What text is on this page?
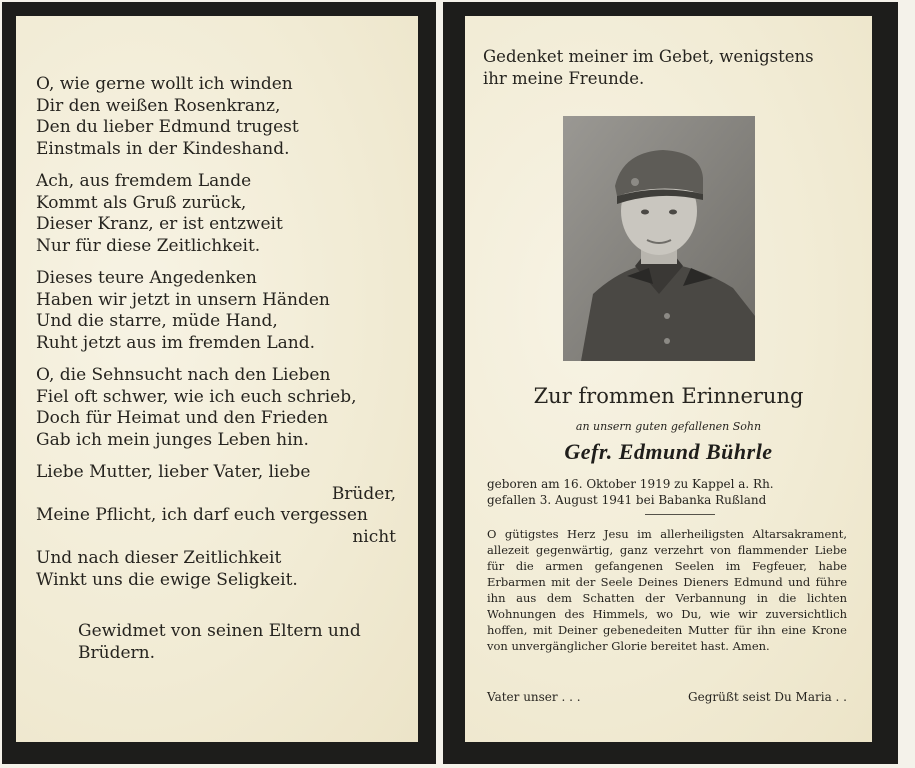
O, wie gerne wollt ich winden
Dir den weißen Rosenkranz,
Den du lieber Edmund trugest
Einstmals in der Kindeshand.
Ach, aus fremdem Lande
Kommt als Gruß zurück,
Dieser Kranz, er ist entzweit
Nur für diese Zeitlichkeit.
Dieses teure Angedenken
Haben wir jetzt in unsern Händen
Und die starre, müde Hand,
Ruht jetzt aus im fremden Land.
O, die Sehnsucht nach den Lieben
Fiel oft schwer, wie ich euch schrieb,
Doch für Heimat und den Frieden
Gab ich mein junges Leben hin.
Liebe Mutter, lieber Vater, liebe
Brüder,
Meine Pflicht, ich darf euch vergessen
nicht
Und nach dieser Zeitlichkeit
Winkt uns die ewige Seligkeit.
Gewidmet von seinen Eltern und
Brüdern.
Gedenket meiner im Gebet, wenigstens
ihr meine Freunde.
Zur frommen Erinnerung
an unsern guten gefallenen Sohn
Gefr. Edmund Bührle
geboren am 16. Oktober 1919 zu Kappel a. Rh.
gefallen 3. August 1941 bei Babanka Rußland
O gütigstes Herz Jesu im allerheiligsten Altarsakrament, allezeit gegenwärtig, ganz verzehrt von flammender Liebe für die armen gefangenen Seelen im Fegfeuer, habe Erbarmen mit der Seele Deines Dieners Edmund und führe ihn aus dem Schatten der Verbannung in die lichten Wohnungen des Himmels, wo Du, wie wir zuversichtlich hoffen, mit Deiner gebenedeiten Mutter für ihn eine Krone von unvergänglicher Glorie bereitet hast. Amen.
Vater unser . . .	Gegrüßt seist Du Maria . .
